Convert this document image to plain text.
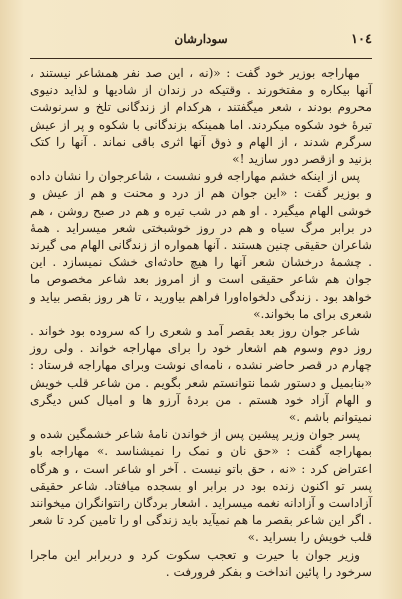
۱۰٤
سودارشان

مهاراجه بوزیر خود گفت : «(نه ، این صد نفر همشاعر نیستند ، آنها بیکاره و مفتخورند . وقتیکه در زندان از شادیها و لذاید دنیوی محروم بودند ، شعر میگفتند ، هرکدام از زندگانی تلخ و سرنوشت تیرهٔ خود شکوه میکردند. اما همینکه بزندگانی با شکوه و پر از عیش سرگرم شدند ، از الهام و ذوق آنها اثری باقی نماند . آنها را کتک بزنید و ازقصر دور سازید !»

پس از اینکه خشم مهاراجه فرو نشست ، شاعرجوان را نشان داده و بوزیر گفت : «این جوان هم از درد و محنت و هم از عیش و خوشی الهام میگیرد . او هم در شب تیره و هم در صبح روشن ، هم در برابر مرگ سیاه و هم در روز خوشبختی شعر میسراید . همهٔ شاعران حقیقی چنین هستند . آنها همواره از زندگانی الهام می گیرند . چشمهٔ درخشان شعر آنها را هیچ حادثه‌ای خشک نمیسازد . این جوان هم شاعر حقیقی است و از امروز بعد شاعر مخصوص ما خواهد بود . زندگی دلخواه‌اورا فراهم بیاورید ، تا هر روز بقصر بیاید و شعری برای ما بخواند.»

شاعر جوان روز بعد بقصر آمد و شعری را که سروده بود خواند . روز دوم وسوم هم اشعار خود را برای مهاراجه خواند . ولی روز چهارم در قصر حاضر نشده ، نامه‌ای نوشت وبرای مهاراجه فرستاد : «بنابمیل و دستور شما نتوانستم شعر بگویم . من شاعر قلب خویش و الهام آزاد خود هستم . من بردهٔ آرزو ها و امیال کس دیگری نمیتوانم باشم .»

پسر جوان وزیر پیشین پس از خواندن نامهٔ شاعر خشمگین شده و بمهاراجه گفت : «حق نان و نمک را نمیشناسد .» مهاراجه باو اعتراض کرد : «نه ، حق باتو نیست . آخر او شاعر است ، و هرگاه پسر تو اکنون زنده بود در برابر او بسجده میافتاد. شاعر حقیقی آزاداست و آزادانه نغمه میسراید . اشعار بردگان رانتوانگران میخوانند . اگر این شاعر بقصر ما هم نمیآید باید زندگی او را تامین کرد تا شعر قلب خویش را بسراید .»

وزیر جوان با حیرت و تعجب سکوت کرد و دربرابر این ماجرا سرخود را پائین انداخت و بفکر فرورفت .
